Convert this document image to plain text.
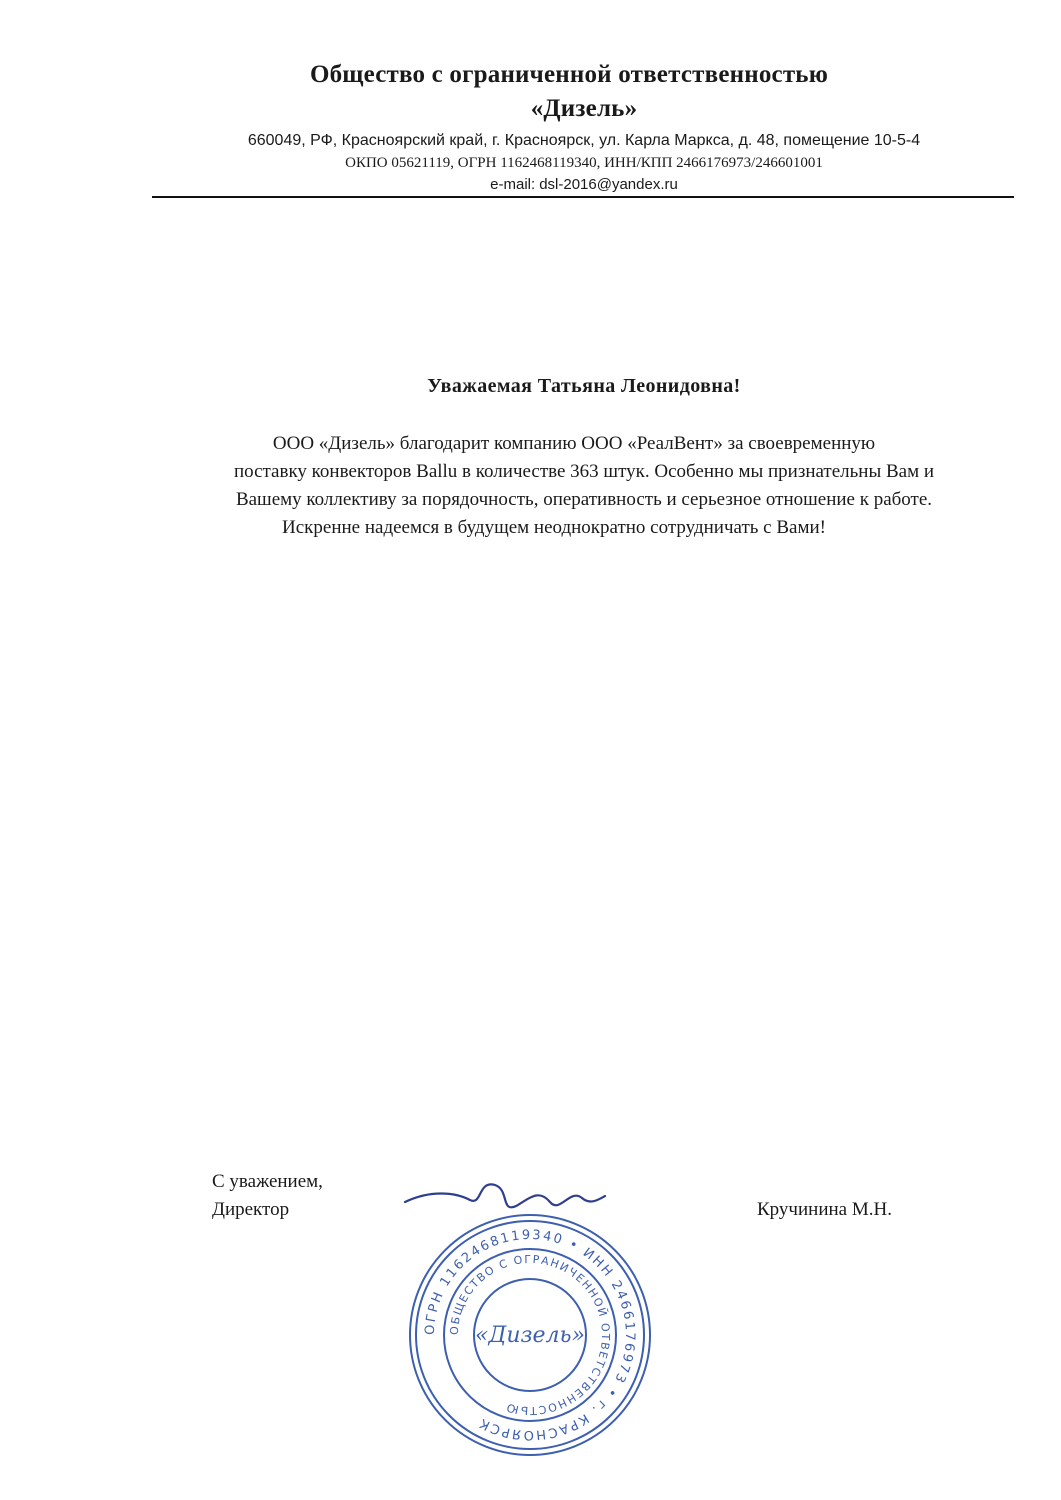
Общество с ограниченной ответственностью
«Дизель»
660049, РФ, Красноярский край, г. Красноярск, ул. Карла Маркса, д. 48, помещение 10-5-4
ОКПО 05621119, ОГРН 1162468119340, ИНН/КПП 2466176973/246601001
e-mail: dsl-2016@yandex.ru
Уважаемая Татьяна Леонидовна!
ООО «Дизель» благодарит компанию ООО «РеалВент» за своевременную
поставку конвекторов Ballu в количестве 363 штук. Особенно мы признательны Вам и
Вашему коллективу за порядочность, оперативность и серьезное отношение к работе.
Искренне надеемся в будущем неоднократно сотрудничать с Вами!
С уважением,
Директор	Кручинина М.Н.
ОГРН 1162468119340 • ИНН 2466176973 • г. КРАСНОЯРСК
ОБЩЕСТВО С ОГРАНИЧЕННОЙ ОТВЕТСТВЕННОСТЬЮ
«Дизель»
